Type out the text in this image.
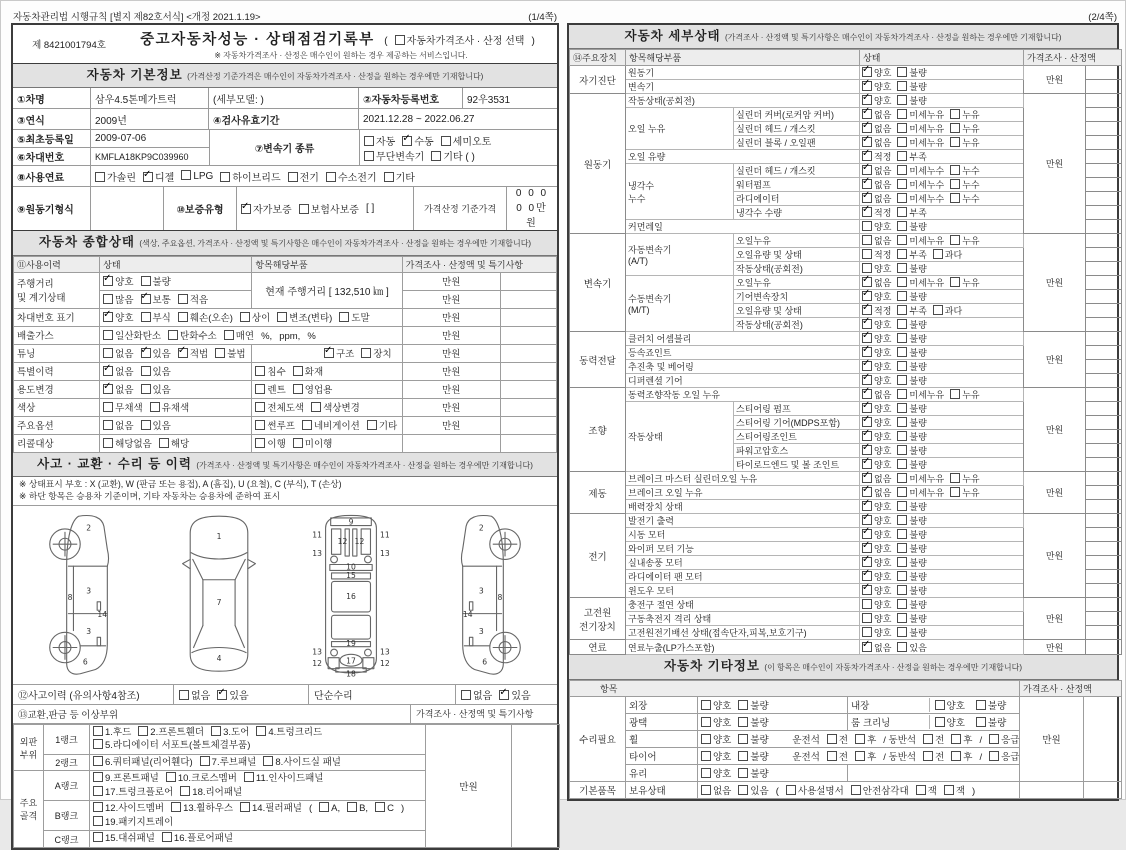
자동차관리법 시행규칙 [별지 제82호서식] <개정 2021.1.19>	(1/4쪽)
제 8421001794호	중고자동차성능 · 상태점검기록부 ( 자동차가격조사 · 산정 선택 )
※ 자동차가격조사 · 산정은 매수인이 원하는 경우 제공하는 서비스입니다.
자동차 기본정보 (가격산정 기준가격은 매수인이 자동차가격조사 · 산정을 원하는 경우에만 기재합니다)
①차명	삼우4.5톤메가트럭	(세부모델: )	②자동차등록번호	92우3531
③연식	2009년	④검사유효기간	2021.12.28 ~ 2022.06.27
⑤최초등록일	2009-07-06
⑥차대번호	KMFLA18KP9C039960
⑦변속기 종류
자동 ✓ 수동 세미오토
무단변속기 기타 ( )
⑧사용연료	가솔린 ✓	디젤	LPG	하이브리드	전기	수소전기	기타
⑨원동기형식	⑩보증유형 ✓	자가보증	보험사보증 [ ]	가격산정 기준가격
0 0 0 0 0만원
자동차 종합상태 (색상, 주요옵션, 가격조사 · 산정액 및 특기사항은 매수인이 자동차가격조사 · 산정을 원하는 경우에만 기재합니다)
⑪사용이력	상태	항목해당부품	가격조사 · 산정액 및 특기사항	
주행거리
및 계기상태	✓양호 불량	현재 주행거리 [ 132,510 ㎞ ]	만원	
	많음 ✓ 보통 적음		만원	
차대번호 표기	✓양호 부식 훼손(오손) 상이 변조(변타) 도말		만원	
배출가스	일산화탄소 탄화수소 매연 %, ppm, %		만원	
튜닝	없음 ✓ 있음 ✓ 적법 불법	✓구조 장치	만원	
특별이력	✓없음 있음	침수 화재	만원	
용도변경	✓없음 있음	렌트 영업용	만원	
색상	무채색 유채색	전체도색 색상변경	만원	
주요옵션	없음 있음	썬루프 네비게이션 기타	만원	
리콜대상	해당없음 해당	이행 미이행		
사고 · 교환 · 수리 등 이력 (가격조사 · 산정액 및 특기사항은 매수인이 자동차가격조사 · 산정을 원하는 경우에만 기재합니다)
※ 상태표시 부호 : X (교환), W (판금 또는 용접), A (흠집), U (요철), C (부식), T (손상)
※ 하단 항목은 승용차 기준이며, 기타 자동차는 승용차에 준하여 표시
2
8
3
14
3
6
1
7
4
9
11	11
12 12
13	13
10
15
16
19
13	13
12	17	12
18
2
3
8
14
3
6
⑫사고이력 (유의사항4참조)	없음 ✓	있음	단순수리	없음 ✓	있음
⑬교환,판금 등 이상부위	가격조사 · 산정액 및 특기사항
외판
부위	1랭크	
1.후드 2.프론트휀더 3.도어 4.트렁크리드
5.라디에이터 서포트(볼트체결부품)
	만원	
	2랭크	6.쿼터패널(리어휀다) 7.루브패널 8.사이드실 패널		

주요
골격	A랭크	
9.프론트패널 10.크로스멤버 11.인사이드패널
17.트렁크플로어 18.리어패널

	B랭크	12.사이드멤버 13.휠하우스 14.필러패널 ( A, B, C )
19.패키지트레이		

	C랭크	15.대쉬패널 16.플로어패널		
(2/4쪽)
자동차 세부상태 (가격조사 · 산정액 및 특기사항은 매수인이 자동차가격조사 · 산정을 원하는 경우에만 기재합니다)
⑭주요장치	항목해당부품		상태	가격조사 · 산정액	
자기진단	원동기	✓양호 불량	만원	
	변속기	✓양호 불량	
원동기	작동상태(공회전)	✓양호 불량	만원	
	오일 누유	실린더 커버(로커암 커버)	✓없음 미세누유 누유	
		실린더 헤드 / 개스킷	✓없음 미세누유 누유	
		실린더 블록 / 오일팬	✓없음 미세누유 누유	
	오일 유량	✓적정 부족	
	냉각수
누수	실린더 헤드 / 개스킷	✓없음 미세누수 누수	
		워터펌프	✓없음 미세누수 누수	
		라디에이터	✓없음 미세누수 누수	
		냉각수 수량	✓적정 부족	
	커먼레일		양호 불량		
변속기	자동변속기
(A/T)	오일누유	없음 미세누유 누유	만원	
		오일유량 및 상태	적정 부족 과다		
		작동상태(공회전)	양호 불량		
	수동변속기
(M/T)	오일누유	✓없음 미세누유 누유	
		기어변속장치	✓양호 불량	
		오일유량 및 상태	✓적정 부족 과다	
		작동상태(공회전)	✓양호 불량	
동력전달	클러치 어셈블리	✓양호 불량	만원	
	등속죠인트	✓양호 불량	
	추진축 및 베어링	✓양호 불량	
	디퍼렌셜 기어	✓양호 불량	
조향	동력조향작동 오일 누유	✓없음 미세누유 누유	만원	
	작동상태	스티어링 펌프	✓양호 불량	
		스티어링 기어(MDPS포함)	✓양호 불량	
		스티어링조인트	✓양호 불량	
		파워고압호스	✓양호 불량	
		타이로드엔드 및 볼 조인트	✓양호 불량	
제동	브레이크 마스터 실린더오일 누유	✓없음 미세누유 누유	만원	
	브레이크 오일 누유	✓없음 미세누유 누유	
	배력장치 상태	✓양호 불량	
전기	발전기 출력	✓양호 불량	만원	
	시동 모터	✓양호 불량	
	와이퍼 모터 기능	✓양호 불량	
	실내송풍 모터	✓양호 불량	
	라디에이터 팬 모터	✓양호 불량	
	윈도우 모터	✓양호 불량	
고전원
전기장치	충전구 절연 상태		양호 불량	만원	
	구동축전지 격리 상태		양호 불량		
	고전원전기배선 상태(접속단자,피복,보호기구)		양호 불량		
연료	연료누출(LP가스포함)	✓없음 있음	만원	
자동차 기타정보 (이 항목은 매수인이 자동차가격조사 · 산정을 원하는 경우에만 기재합니다)
항목				가격조사 · 산정액	
수리필요	외장	양호 불량	내장 양호 불량	만원	
	광택	양호 불량	룸 크리닝 양호 불량		

	휠	양호 불량 운전석 전 후 / 동반석 전 후 / 응급			
	타이어	양호 불량 운전석 전 후 / 동반석 전 후 / 응급			
	유리	양호 불량			
기본품목	보유상태	없음 있음 ( 사용설명서 안전삼각대 잭 잭 )			
